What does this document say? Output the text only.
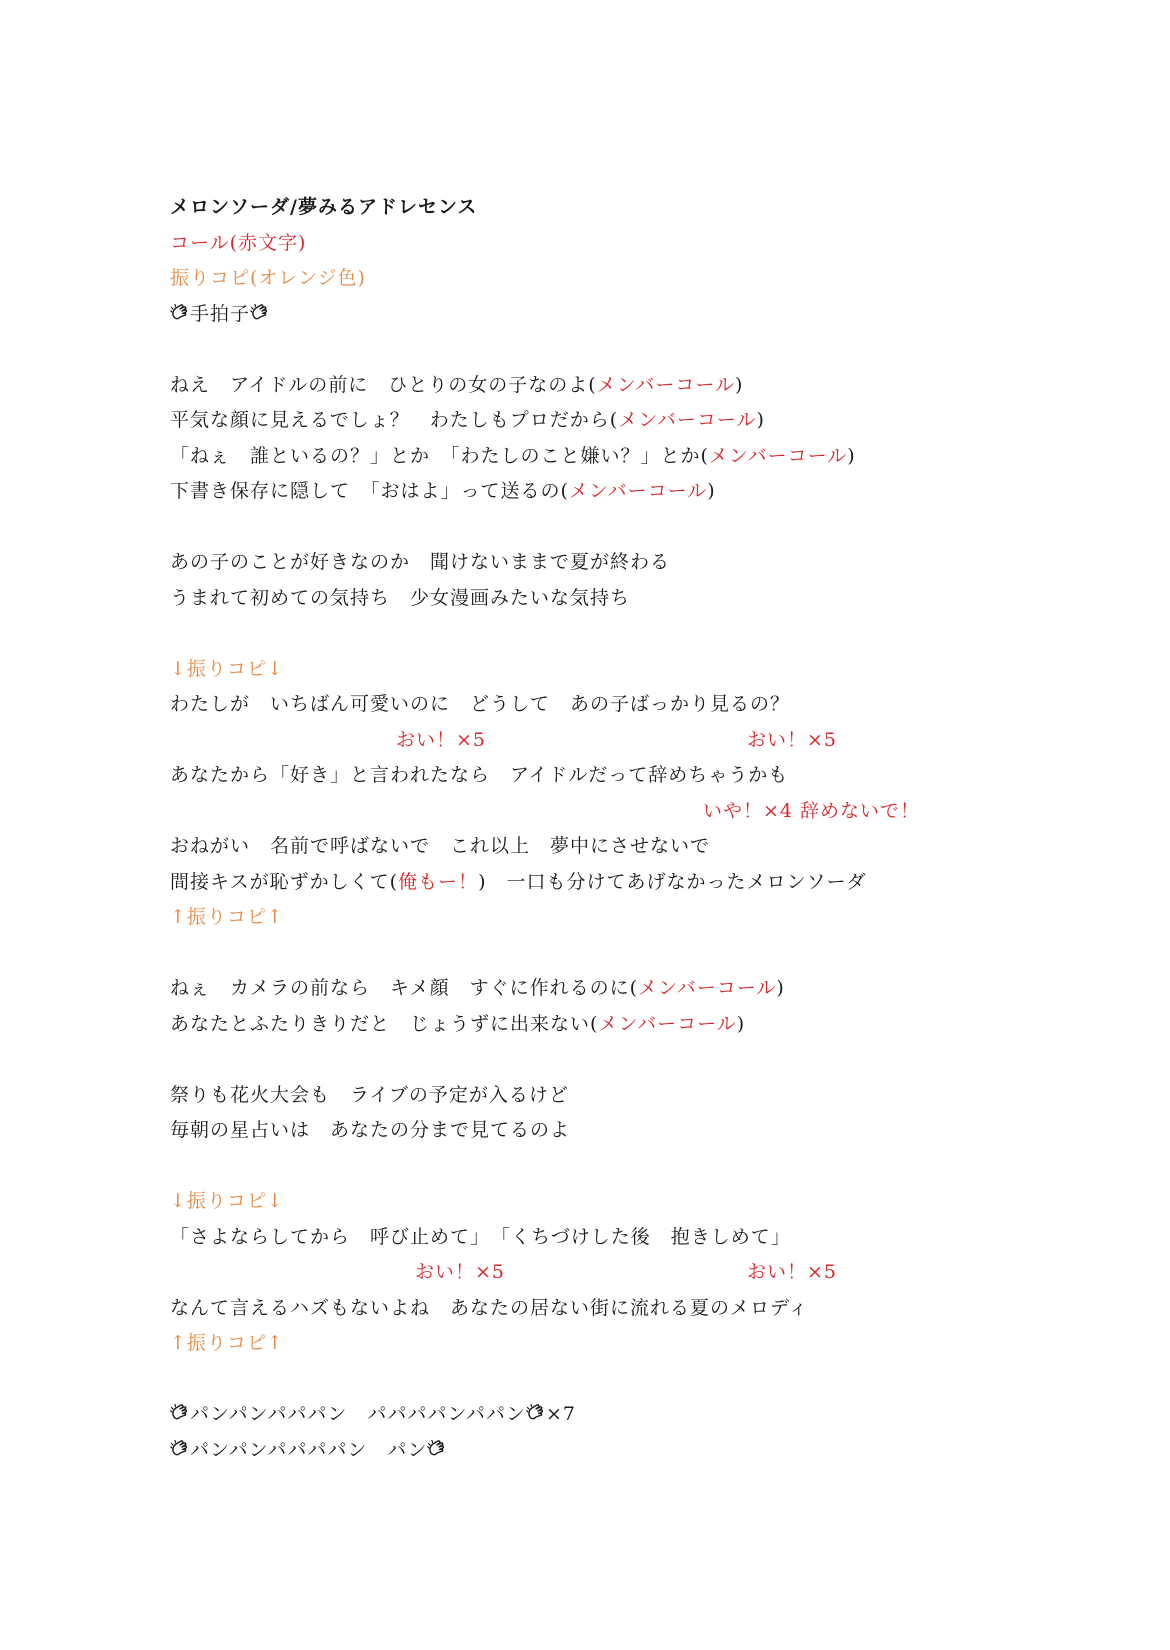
メロンソーダ/夢みるアドレセンス
コール(赤文字)
振りコピ(オレンジ色)
手拍子
ねえ　アイドルの前に　ひとりの女の子なのよ(メンバーコール)
平気な顔に見えるでしょ？　わたしもプロだから(メンバーコール)
「ねぇ　誰といるの？」とか　「わたしのこと嫌い？」とか(メンバーコール)
下書き保存に隠して　「おはよ」って送るの(メンバーコール)
あの子のことが好きなのか　聞けないままで夏が終わる
うまれて初めての気持ち　少女漫画みたいな気持ち
↓振りコピ↓
わたしが　いちばん可愛いのに　どうして　あの子ばっかり見るの？

おい！×5

	おい！×5

あなたから「好き」と言われたなら　アイドルだって辞めちゃうかも

いや！×4 辞めないで！

おねがい　名前で呼ばないで　これ以上　夢中にさせないで
間接キスが恥ずかしくて(俺もー！)　一口も分けてあげなかったメロンソーダ
↑振りコピ↑
ねぇ　カメラの前なら　キメ顔　すぐに作れるのに(メンバーコール)
あなたとふたりきりだと　じょうずに出来ない(メンバーコール)
祭りも花火大会も　ライブの予定が入るけど
毎朝の星占いは　あなたの分まで見てるのよ
↓振りコピ↓
「さよならしてから　呼び止めて」　「くちづけした後　抱きしめて」

おい！×5

	おい！×5

なんて言えるハズもないよね　あなたの居ない街に流れる夏のメロディ
↑振りコピ↑
パンパンパパパン　パパパパンパパン ×7
パンパンパパパパン　パン
